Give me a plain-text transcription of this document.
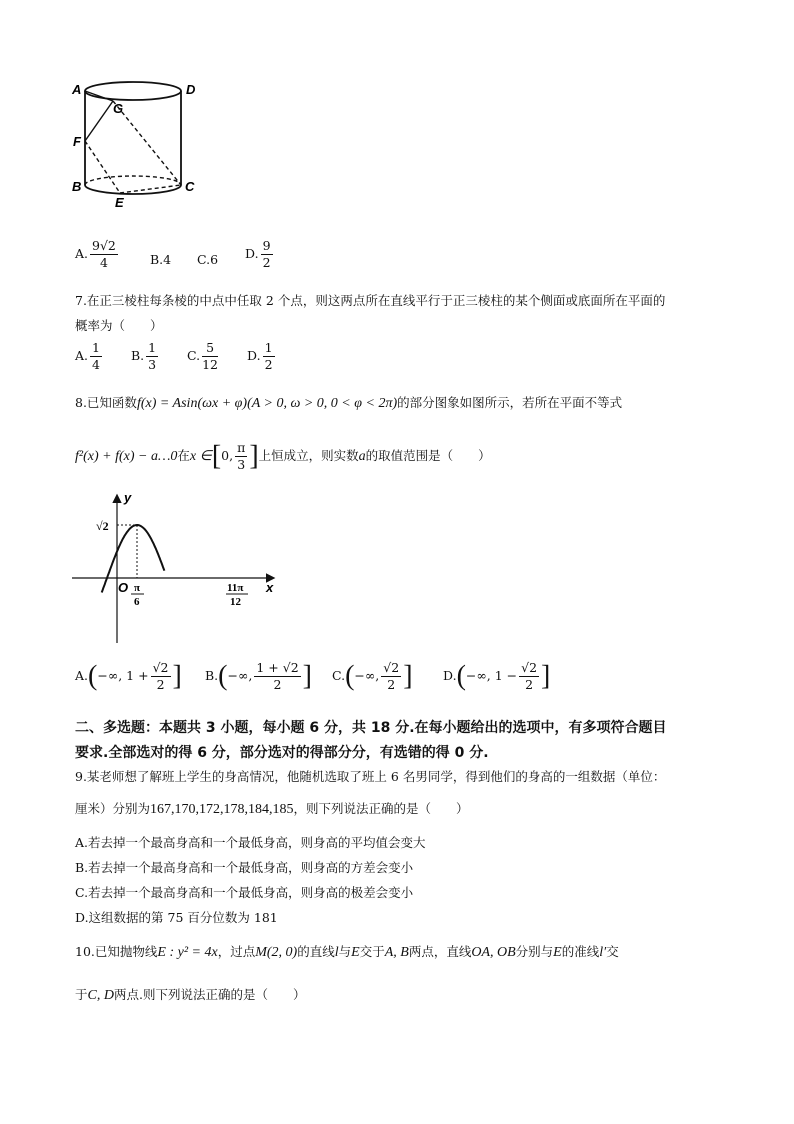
A	D
G
F
B	C
E
A. $\frac{9√2}{4}$	B.4 C.6 D. $\frac{9}{2}$
7.在正三棱柱每条棱的中点中任取 2 个点，则这两点所在直线平行于正三棱柱的某个侧面或底面所在平面的
概率为（　　）
A. $\frac{1}{4} B$. $\frac{1}{3} C$. $\frac{5}{12} D$. $\frac{1}{2}$
8.已知函数f(x) = Asin(ωx + φ)(A > 0, ω > 0, 0 < φ < 2π)的部分图象如图所示，若所在平面不等式
f²(x) + f(x) − a…0在x ∈[0, $\frac{\pi}{3}$ ]上恒成立，则实数a的取值范围是（　　）
y
x
O
√2
π
6
11π
12
A.(−∞, $1 + \frac{√2}{2}$ ] B.(−∞, $\frac{1 + √2}{2}$ ] C.(−∞, $\frac{√2}{2}$ ] D.(−∞, $1 - \frac{√2}{2}$ ]
二、多选题：本题共 3 小题，每小题 6 分，共 18 分.在每小题给出的选项中，有多项符合题目
要求.全部选对的得 6 分，部分选对的得部分分，有选错的得 0 分.
9.某老师想了解班上学生的身高情况，他随机选取了班上 6 名男同学，得到他们的身高的一组数据（单位：
厘米）分别为167,170,172,178,184,185，则下列说法正确的是（　　）
A.若去掉一个最高身高和一个最低身高，则身高的平均值会变大
B.若去掉一个最高身高和一个最低身高，则身高的方差会变小
C.若去掉一个最高身高和一个最低身高，则身高的极差会变小
D.这组数据的第 75 百分位数为 181
10.已知抛物线E : y² = 4x，过点M(2, 0)的直线l与E交于A, B两点，直线OA, OB分别与E的准线l′交
于C, D两点.则下列说法正确的是（　　）
